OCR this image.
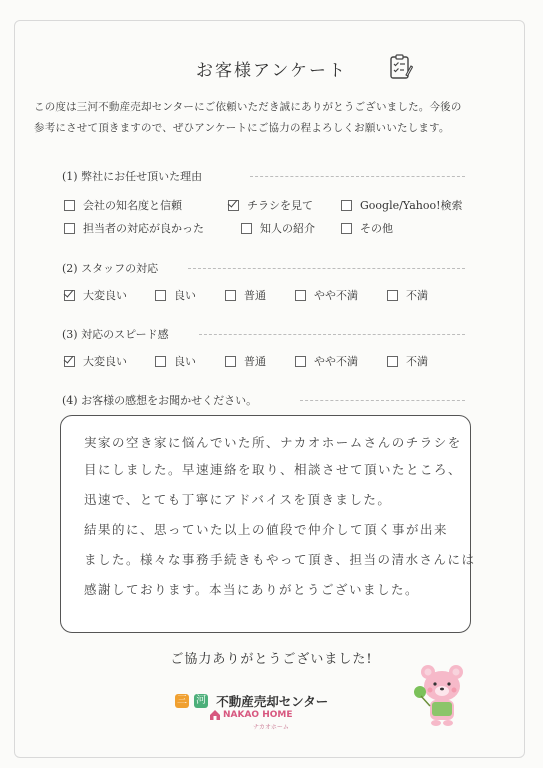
お客様アンケート
この度は三河不動産売却センターにご依頼いただき誠にありがとうございました。今後の
参考にさせて頂きますので、ぜひアンケートにご協力の程よろしくお願いいたします。
(1) 弊社にお任せ頂いた理由
会社の知名度と信頼	チラシを見て	Google/Yahoo!検索
担当者の対応が良かった	知人の紹介	その他
(2) スタッフの対応
大変良い	良い	普通	やや不満	不満
(3) 対応のスピード感
大変良い	良い	普通	やや不満	不満
(4) お客様の感想をお聞かせください。
実家の空き家に悩んでいた所、ナカオホームさんのチラシを
目にしました。早速連絡を取り、相談させて頂いたところ、
迅速で、とても丁寧にアドバイスを頂きました。
結果的に、思っていた以上の値段で仲介して頂く事が出来
ました。様々な事務手続きもやって頂き、担当の清水さんには
感謝しております。本当にありがとうございました。
ご協力ありがとうございました!
三 河 不動産売却センター
NAKAO HOME
ナカオホーム
